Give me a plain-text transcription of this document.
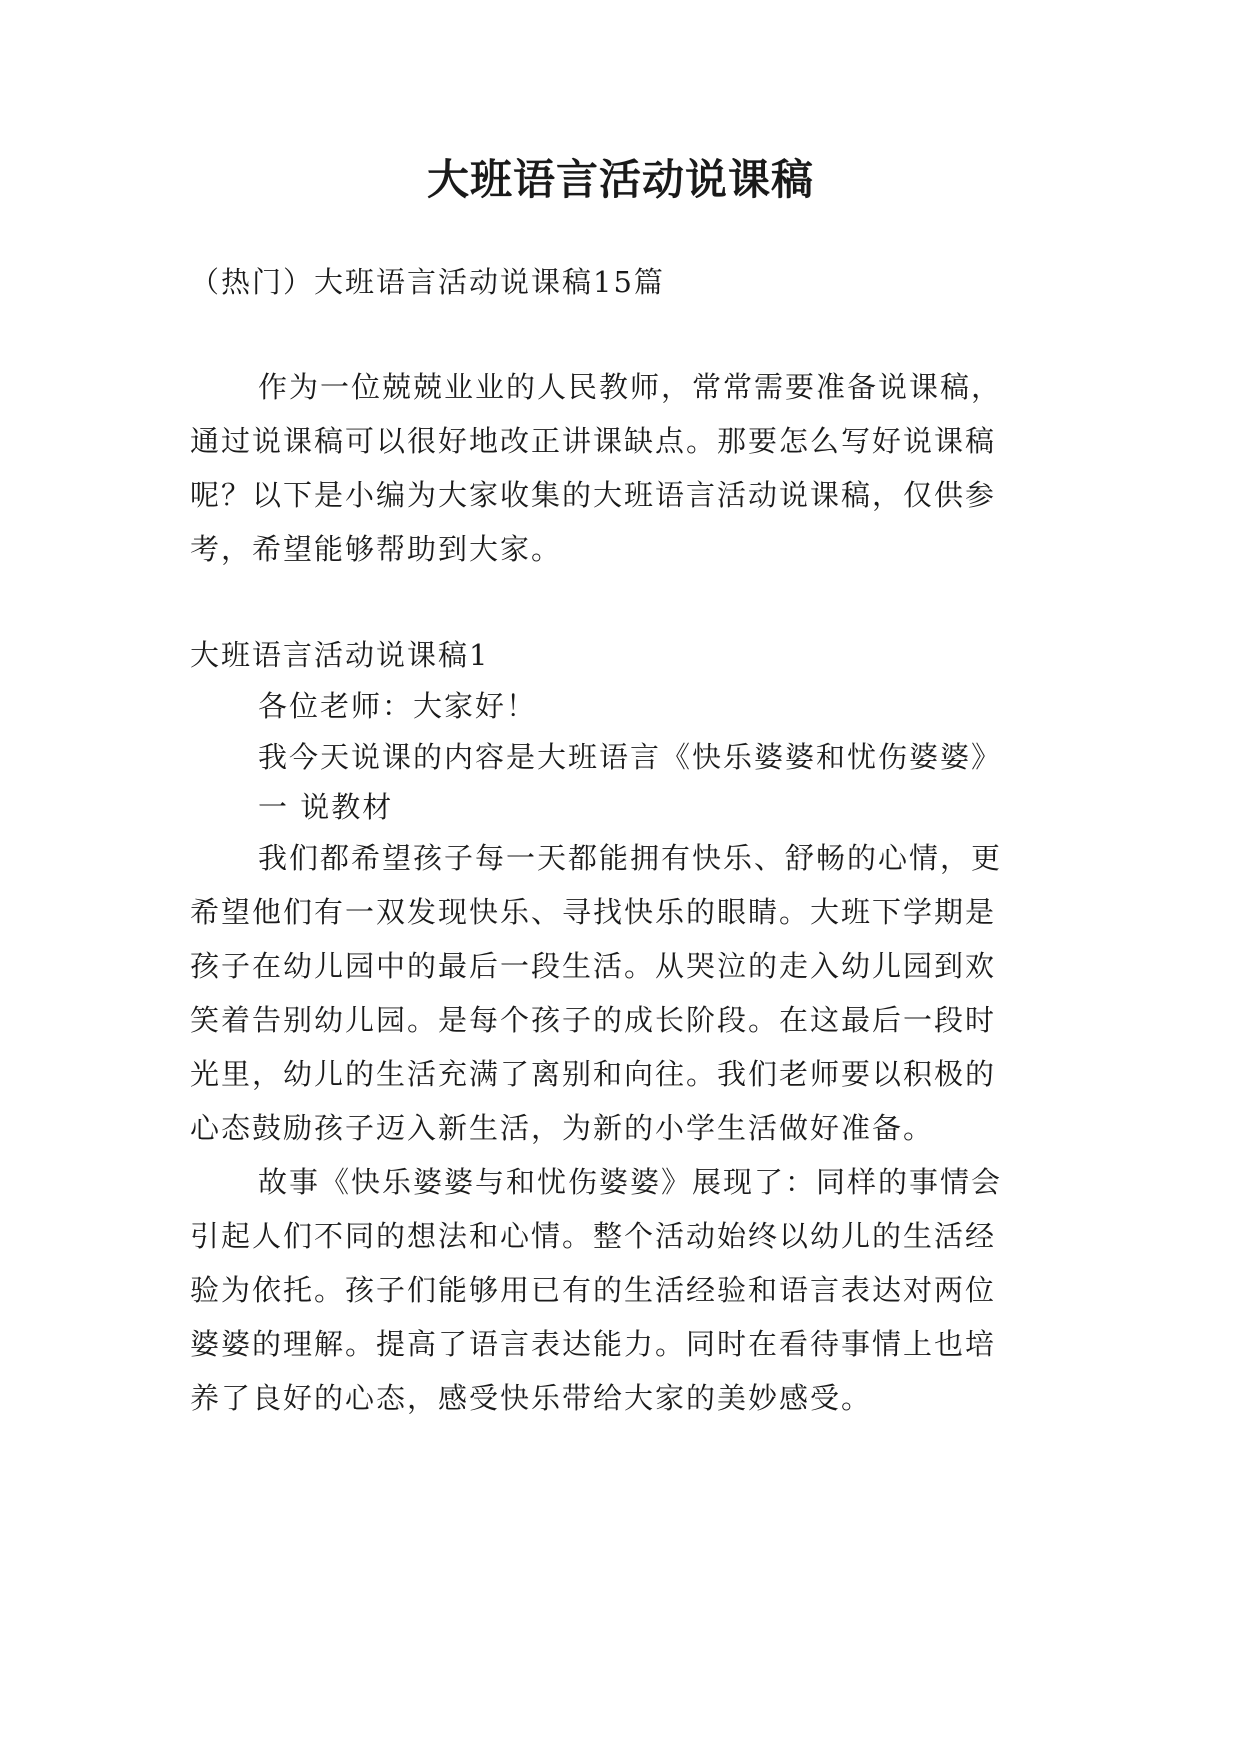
大班语言活动说课稿
（热门）大班语言活动说课稿15篇
作为一位兢兢业业的人民教师，常常需要准备说课稿，
通过说课稿可以很好地改正讲课缺点。那要怎么写好说课稿
呢？以下是小编为大家收集的大班语言活动说课稿，仅供参
考，希望能够帮助到大家。
大班语言活动说课稿1
各位老师：大家好！
我今天说课的内容是大班语言《快乐婆婆和忧伤婆婆》
一 说教材
我们都希望孩子每一天都能拥有快乐、舒畅的心情，更
希望他们有一双发现快乐、寻找快乐的眼睛。大班下学期是
孩子在幼儿园中的最后一段生活。从哭泣的走入幼儿园到欢
笑着告别幼儿园。是每个孩子的成长阶段。在这最后一段时
光里，幼儿的生活充满了离别和向往。我们老师要以积极的
心态鼓励孩子迈入新生活，为新的小学生活做好准备。
故事《快乐婆婆与和忧伤婆婆》展现了：同样的事情会
引起人们不同的想法和心情。整个活动始终以幼儿的生活经
验为依托。孩子们能够用已有的生活经验和语言表达对两位
婆婆的理解。提高了语言表达能力。同时在看待事情上也培
养了良好的心态，感受快乐带给大家的美妙感受。
